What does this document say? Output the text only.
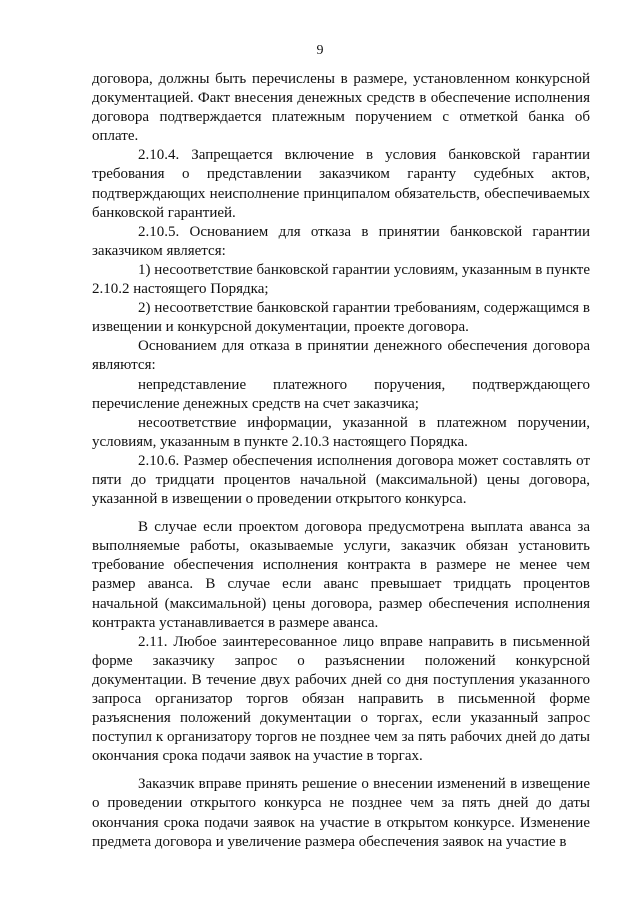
9

договора, должны быть перечислены в размере, установленном конкурсной документацией. Факт внесения денежных средств в обеспечение исполнения договора подтверждается платежным поручением с отметкой банка об оплате.

2.10.4. Запрещается включение в условия банковской гарантии требования о представлении заказчиком гаранту судебных актов, подтверждающих неисполнение принципалом обязательств, обеспечиваемых банковской гарантией.

2.10.5. Основанием для отказа в принятии банковской гарантии заказчиком является:

1) несоответствие банковской гарантии условиям, указанным в пункте 2.10.2 настоящего Порядка;

2) несоответствие банковской гарантии требованиям, содержащимся в извещении и конкурсной документации, проекте договора.

Основанием для отказа в принятии денежного обеспечения договора являются:

непредставление платежного поручения, подтверждающего перечисление денежных средств на счет заказчика;

несоответствие информации, указанной в платежном поручении, условиям, указанным в пункте 2.10.3 настоящего Порядка.

2.10.6. Размер обеспечения исполнения договора может составлять от пяти до тридцати процентов начальной (максимальной) цены договора, указанной в извещении о проведении открытого конкурса.

В случае если проектом договора предусмотрена выплата аванса за выполняемые работы, оказываемые услуги, заказчик обязан установить требование обеспечения исполнения контракта в размере не менее чем размер аванса. В случае если аванс превышает тридцать процентов начальной (максимальной) цены договора, размер обеспечения исполнения контракта устанавливается в размере аванса.

2.11. Любое заинтересованное лицо вправе направить в письменной форме заказчику запрос о разъяснении положений конкурсной документации. В течение двух рабочих дней со дня поступления указанного запроса организатор торгов обязан направить в письменной форме разъяснения положений документации о торгах, если указанный запрос поступил к организатору торгов не позднее чем за пять рабочих дней до даты окончания срока подачи заявок на участие в торгах.

Заказчик вправе принять решение о внесении изменений в извещение о проведении открытого конкурса не позднее чем за пять дней до даты окончания срока подачи заявок на участие в открытом конкурсе. Изменение предмета договора и увеличение размера обеспечения заявок на участие в
